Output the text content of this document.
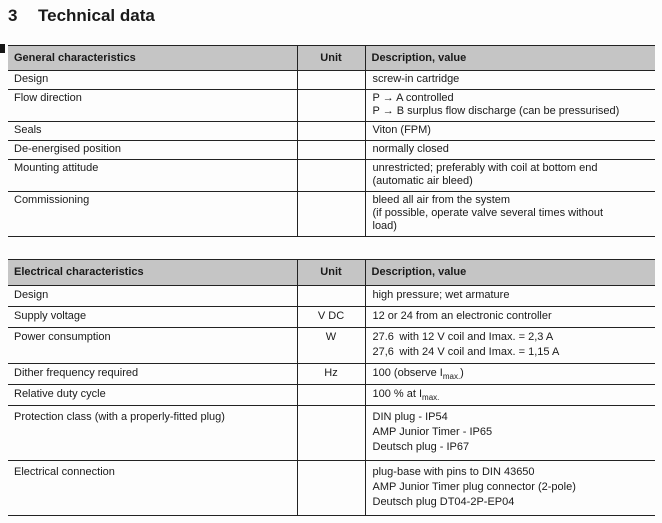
3 Technical data
General characteristics	Unit	Description, value
Design		screw-in cartridge

Flow direction		P → A controlled
P → B surplus flow discharge (can be pressurised)

Seals		Viton (FPM)

De-energised position		normally closed

Mounting attitude		unrestricted; preferably with coil at bottom end
(automatic air bleed)

Commissioning		bleed all air from the system
(if possible, operate valve several times without
load)
Electrical characteristics	Unit	Description, value
Design		high pressure; wet armature

Supply voltage	V DC	12 or 24 from an electronic controller

Power consumption	W	27.6 with 12 V coil and Imax. = 2,3 A
27,6 with 24 V coil and Imax. = 1,15 A

Dither frequency required	Hz	100 (observe $I_{max.}$)

Relative duty cycle		100 % at $I_{max.}$

Protection class (with a properly-fitted plug)		DIN plug - IP54
AMP Junior Timer - IP65
Deutsch plug - IP67

Electrical connection		plug-base with pins to DIN 43650
AMP Junior Timer plug connector (2-pole)
Deutsch plug DT04-2P-EP04
